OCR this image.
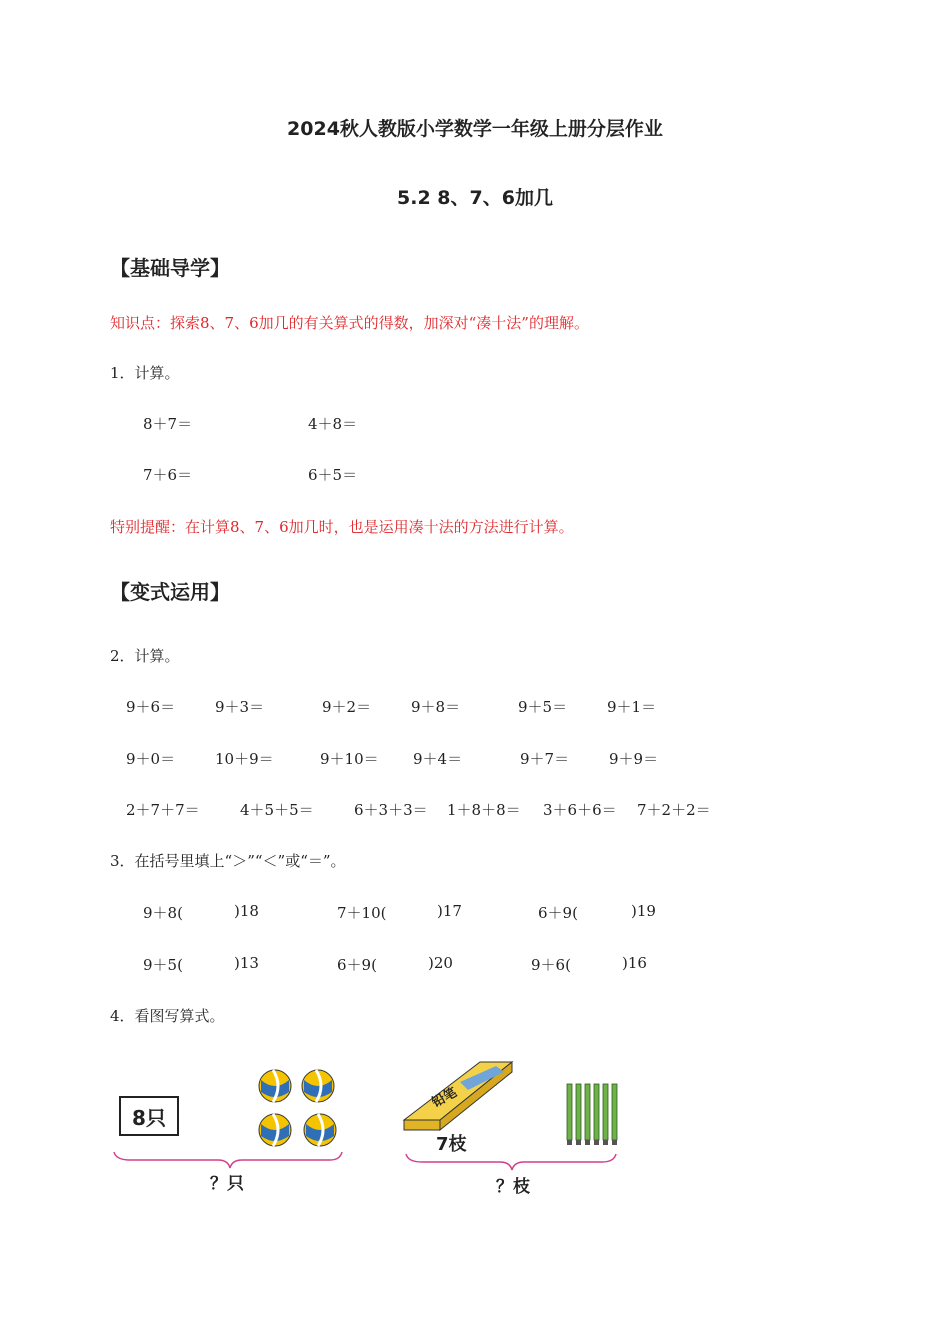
2024秋人教版小学数学一年级上册分层作业
5.2 8、7、6加几
【基础导学】
知识点：探索8、7、6加几的有关算式的得数，加深对“凑十法”的理解。
1．计算。
8＋7＝	4＋8＝
7＋6＝	6＋5＝
特别提醒：在计算8、7、6加几时，也是运用凑十法的方法进行计算。
【变式运用】
2．计算。
9＋6＝	9＋3＝	9＋2＝	9＋8＝	9＋5＝	9＋1＝
9＋0＝	10＋9＝	9＋10＝ 9＋4＝	9＋7＝	9＋9＝
2＋7＋7＝	4＋5＋5＝	6＋3＋3＝ 1＋8＋8＝ 3＋6＋6＝ 7＋2＋2＝
3．在括号里填上“＞”“＜”或“＝”。
9＋8(	)18	7＋10(	)17	6＋9(	)19
9＋5(	)13	6＋9(	)20	9＋6(	)16
4．看图写算式。
8只
？只
铅笔
7枝
？枝
